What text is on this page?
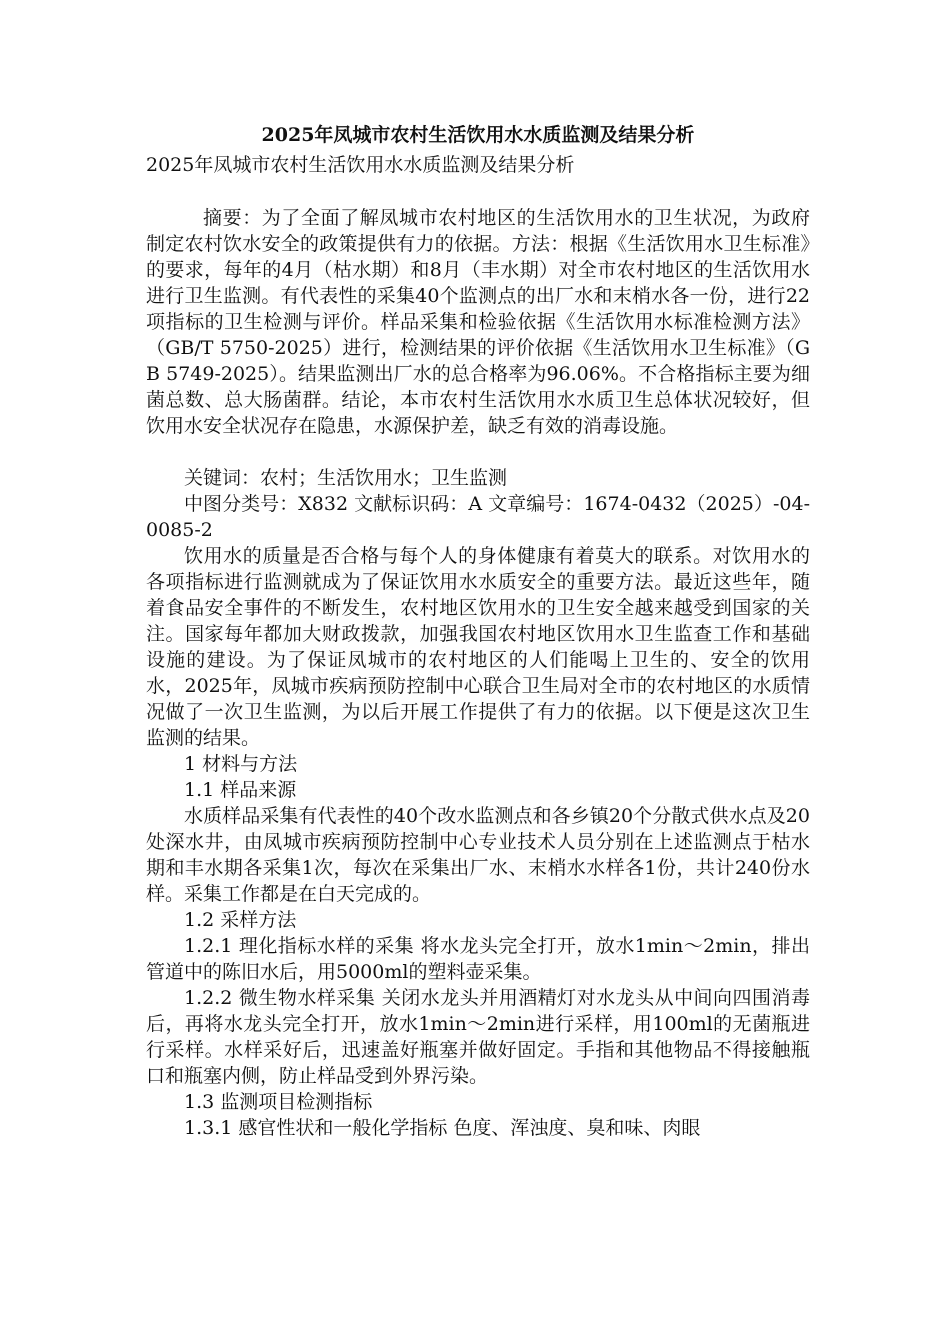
2025年凤城市农村生活饮用水水质监测及结果分析

2025年凤城市农村生活饮用水水质监测及结果分析

摘要：为了全面了解凤城市农村地区的生活饮用水的卫生状况，为政府制定农村饮水安全的政策提供有力的依据。方法：根据《生活饮用水卫生标准》的要求，每年的4月（枯水期）和8月（丰水期）对全市农村地区的生活饮用水进行卫生监测。有代表性的采集40个监测点的出厂水和末梢水各一份，进行22项指标的卫生检测与评价。样品采集和检验依据《生活饮用水标准检测方法》（GB/T 5750-2025）进行，检测结果的评价依据《生活饮用水卫生标准》（GB 5749-2025）。结果监测出厂水的总合格率为96.06%。不合格指标主要为细菌总数、总大肠菌群。结论，本市农村生活饮用水水质卫生总体状况较好，但饮用水安全状况存在隐患，水源保护差，缺乏有效的消毒设施。

关键词：农村；生活饮用水；卫生监测

中图分类号：X832 文献标识码：A 文章编号：1674-0432（2025）-04-0085-2

饮用水的质量是否合格与每个人的身体健康有着莫大的联系。对饮用水的各项指标进行监测就成为了保证饮用水水质安全的重要方法。最近这些年，随着食品安全事件的不断发生，农村地区饮用水的卫生安全越来越受到国家的关注。国家每年都加大财政拨款，加强我国农村地区饮用水卫生监查工作和基础设施的建设。为了保证凤城市的农村地区的人们能喝上卫生的、安全的饮用水，2025年，凤城市疾病预防控制中心联合卫生局对全市的农村地区的水质情况做了一次卫生监测，为以后开展工作提供了有力的依据。以下便是这次卫生监测的结果。

1 材料与方法

1.1 样品来源

水质样品采集有代表性的40个改水监测点和各乡镇20个分散式供水点及20处深水井，由凤城市疾病预防控制中心专业技术人员分别在上述监测点于枯水期和丰水期各采集1次，每次在采集出厂水、末梢水水样各1份，共计240份水样。采集工作都是在白天完成的。

1.2 采样方法

1.2.1 理化指标水样的采集 将水龙头完全打开，放水1min～2min，排出管道中的陈旧水后，用5000ml的塑料壶采集。

1.2.2 微生物水样采集 关闭水龙头并用酒精灯对水龙头从中间向四围消毒后，再将水龙头完全打开，放水1min～2min进行采样，用100ml的无菌瓶进行采样。水样采好后，迅速盖好瓶塞并做好固定。手指和其他物品不得接触瓶口和瓶塞内侧，防止样品受到外界污染。

1.3 监测项目检测指标

1.3.1 感官性状和一般化学指标 色度、浑浊度、臭和味、肉眼
